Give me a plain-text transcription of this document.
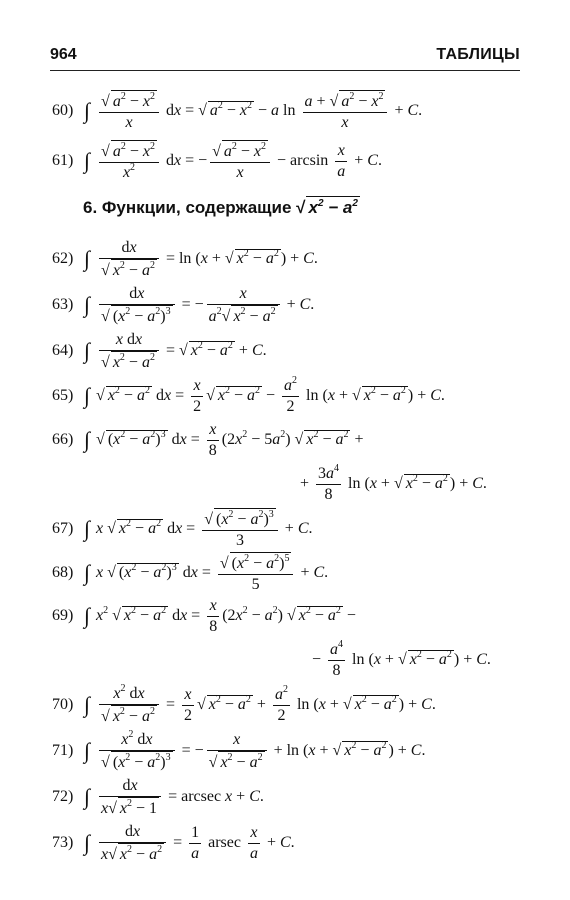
964	ТАБЛИЦЫ
60) ∫ $\frac{√ a^2 - x^2}{x}$ dx = √ $a^2 - x^2 - a$ $\ln \frac{a + √ a^2 - x^2}{x} + C$.
61) ∫ $\frac{√ a^2 - x^2}{x^2}$ dx = − $\frac{√ a^2 - x^2}{x} - \arcsin \frac{x}{a} + C$.
6. Функции, содержащие √ $x^2 - a^2$
62) ∫ $\frac{dx}{√ x^2 - a^2} = \ln (x$ + √ $x^2 - a^2$ ) + C.
63) ∫ $\frac{dx}{√ (x^2 - a^2)^3}$ = − $\frac{x}{a^2√ x^2 - a^2} + C$.
64) ∫ $\frac{\text{x dx}}{√ x^2 - a^2}$ = √ $x^2 - a^2 + C$.
65) ∫ √ $x^2 - a^2$ dx = $\frac{x}{2}$ √ $x^2 - a^2 - \frac{a^2}{2}$ ln (x + √ $x^2 - a^2$ ) + C.
66) ∫ √ $(x^2 - a^2)^3$ dx = $\frac{x}{8} (2x^2 - 5a^2)$ √ $x^2 - a^2$ +
+ $\frac{3a^4}{8}$ ln (x + √ $x^2 - a^2$ ) + C.
67) ∫ x √ $x^2 - a^2$ dx = $\frac{√ (x^2 - a^2)^3}{3} + C$.
68) ∫ x √ $(x^2 - a^2)^3$ dx = $\frac{√ (x^2 - a^2)^5}{5} + C$.
69) ∫ $x^2$ √ $x^2 - a^2$ dx = $\frac{x}{8} (2x^2 - a^2)$ √ $x^2 - a^2$ −
− $\frac{a^4}{8}$ ln (x + √ $x^2 - a^2$ ) + C.
70) ∫ $\frac{x^2 dx}{√ x^2 - a^2} = \frac{x}{2}$ √ $x^2 - a^2 + \frac{a^2}{2}$ ln (x + √ $x^2 - a^2$ ) + C.
71) ∫ $\frac{x^2 dx}{√ (x^2 - a^2)^3}$ = − $\frac{x}{√ x^2 - a^2} + \ln (x$ + √ $x^2 - a^2$ ) + C.
72) ∫ $\frac{dx}{x√ x^2 - 1} = arcsec$ x + C.
73) ∫ $\frac{dx}{x√ x^2 - a^2} = \frac{1}{a}$ arsec $\frac{x}{a} + C$.
